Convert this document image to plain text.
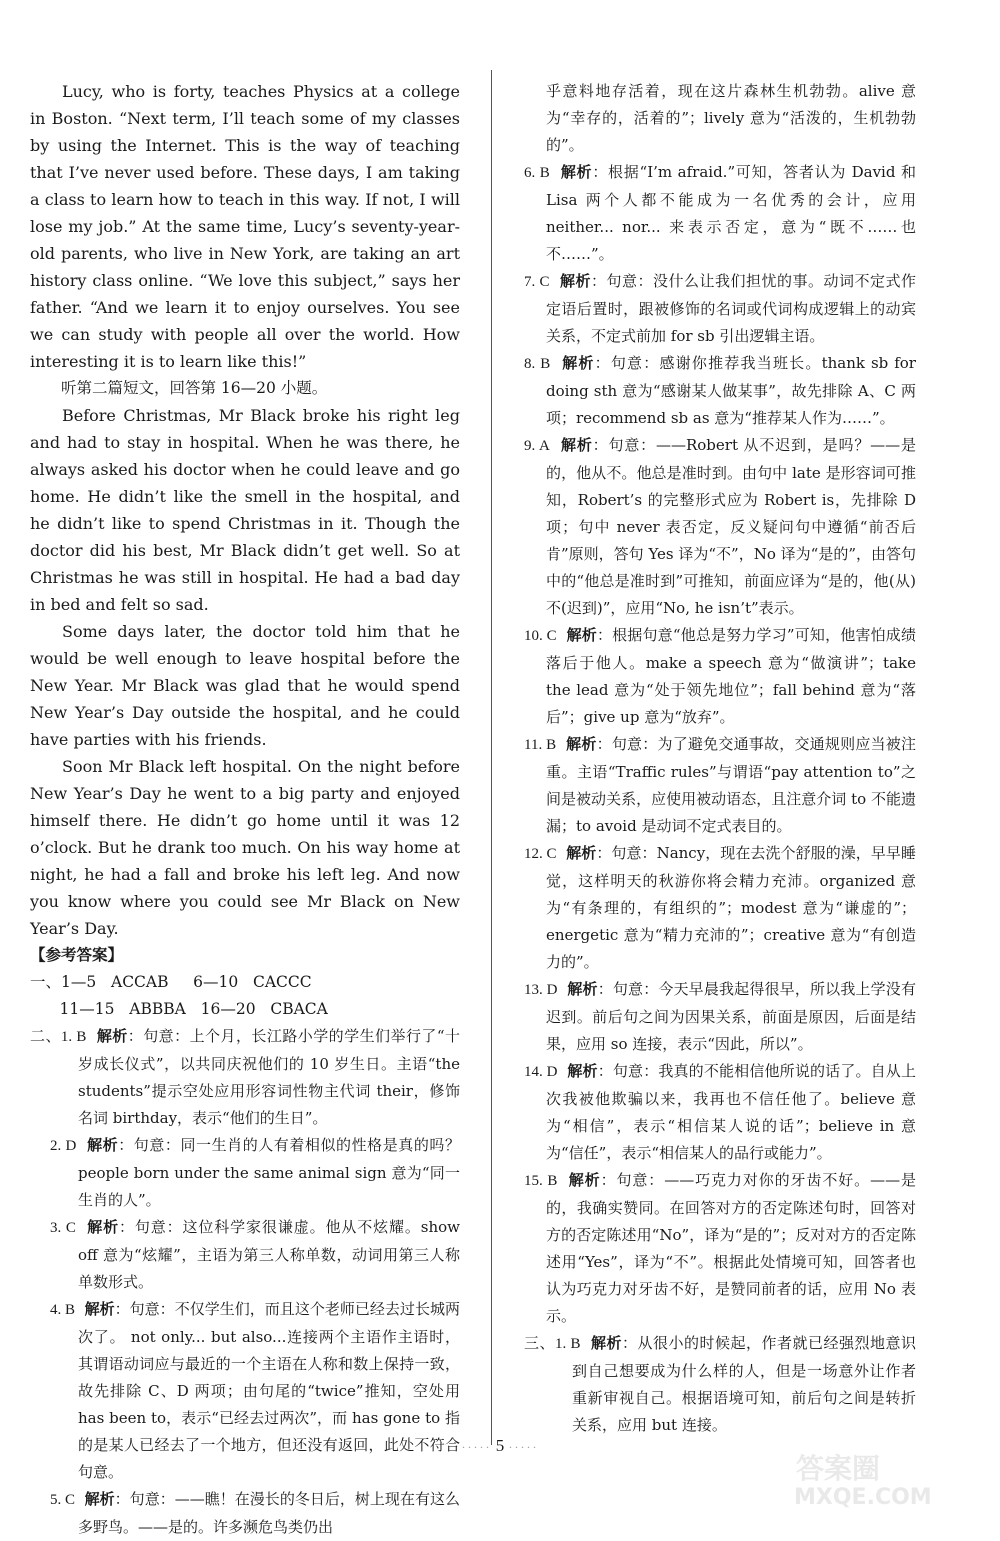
Lucy, who is forty, teaches Physics at a college in Boston. “Next term, I’ll teach some of my classes by using the Internet. This is the way of teaching that I’ve never used before. These days, I am taking a class to learn how to teach in this way. If not, I will lose my job.” At the same time, Lucy’s seventy-year-old parents, who live in New York, are taking an art history class online. “We love this subject,” says her father. “And we learn it to enjoy ourselves. You see we can study with people all over the world. How interesting it is to learn like this!”

听第二篇短文，回答第 16—20 小题。

Before Christmas, Mr Black broke his right leg and had to stay in hospital. When he was there, he always asked his doctor when he could leave and go home. He didn’t like the smell in the hospital, and he didn’t like to spend Christmas in it. Though the doctor did his best, Mr Black didn’t get well. So at Christmas he was still in hospital. He had a bad day in bed and felt so sad.

Some days later, the doctor told him that he would be well enough to leave hospital before the New Year. Mr Black was glad that he would spend New Year’s Day outside the hospital, and he could have parties with his friends.

Soon Mr Black left hospital. On the night before New Year’s Day he went to a big party and enjoyed himself there. He didn’t go home until it was 12 o’clock. But he drank too much. On his way home at night, he had a fall and broke his left leg. And now you know where you could see Mr Black on New Year’s Day.

【参考答案】

一、1—5   ACCAB     6—10   CACCC

11—15   ABBBA   16—20   CBACA

二、1. B 解析：句意：上个月，长江路小学的学生们举行了“十岁成长仪式”，以共同庆祝他们的 10 岁生日。主语“the students”提示空处应用形容词性物主代词 their，修饰名词 birthday，表示“他们的生日”。

2. D 解析：句意：同一生肖的人有着相似的性格是真的吗？ people born under the same animal sign 意为“同一生肖的人”。

3. C 解析：句意：这位科学家很谦虚。他从不炫耀。show off 意为“炫耀”，主语为第三人称单数，动词用第三人称单数形式。

4. B 解析：句意：不仅学生们，而且这个老师已经去过长城两次了。 not only... but also...连接两个主语作主语时，其谓语动词应与最近的一个主语在人称和数上保持一致，故先排除 C、D 两项；由句尾的“twice”推知，空处用 has been to，表示“已经去过两次”，而 has gone to 指的是某人已经去了一个地方，但还没有返回，此处不符合句意。

5. C 解析：句意：——瞧！在漫长的冬日后，树上现在有这么多野鸟。——是的。许多濒危鸟类仍出

乎意料地存活着，现在这片森林生机勃勃。alive 意为“幸存的，活着的”；lively 意为“活泼的，生机勃勃的”。

6. B 解析：根据“I’m afraid.”可知，答者认为 David 和 Lisa 两个人都不能成为一名优秀的会计，应用 neither... nor... 来表示否定，意为“既不……也不……”。

7. C 解析：句意：没什么让我们担忧的事。动词不定式作定语后置时，跟被修饰的名词或代词构成逻辑上的动宾关系，不定式前加 for sb 引出逻辑主语。

8. B 解析：句意：感谢你推荐我当班长。thank sb for doing sth 意为“感谢某人做某事”，故先排除 A、C 两项；recommend sb as 意为“推荐某人作为……”。

9. A 解析：句意：——Robert 从不迟到，是吗？——是的，他从不。他总是准时到。由句中 late 是形容词可推知，Robert’s 的完整形式应为 Robert is，先排除 D 项；句中 never 表否定，反义疑问句中遵循“前否后肯”原则，答句 Yes 译为“不”，No 译为“是的”，由答句中的“他总是准时到”可推知，前面应译为“是的，他(从)不(迟到)”，应用“No, he isn’t”表示。

10. C 解析：根据句意“他总是努力学习”可知，他害怕成绩落后于他人。make a speech 意为“做演讲”；take the lead 意为“处于领先地位”；fall behind 意为“落后”；give up 意为“放弃”。

11. B 解析：句意：为了避免交通事故，交通规则应当被注重。主语“Traffic rules”与谓语“pay attention to”之间是被动关系，应使用被动语态，且注意介词 to 不能遗漏；to avoid 是动词不定式表目的。

12. C 解析：句意：Nancy，现在去洗个舒服的澡，早早睡觉，这样明天的秋游你将会精力充沛。organized 意为“有条理的，有组织的”；modest 意为“谦虚的”；energetic 意为“精力充沛的”；creative 意为“有创造力的”。

13. D 解析：句意：今天早晨我起得很早，所以我上学没有迟到。前后句之间为因果关系，前面是原因，后面是结果，应用 so 连接，表示“因此，所以”。

14. D 解析：句意：我真的不能相信他所说的话了。自从上次我被他欺骗以来，我再也不信任他了。believe 意为“相信”，表示“相信某人说的话”；believe in 意为“信任”，表示“相信某人的品行或能力”。

15. B 解析：句意：——巧克力对你的牙齿不好。——是的，我确实赞同。在回答对方的否定陈述句时，回答对方的否定陈述用“No”，译为“是的”；反对对方的否定陈述用“Yes”，译为“不”。根据此处情境可知，回答者也认为巧克力对牙齿不好，是赞同前者的话，应用 No 表示。

三、1. B 解析：从很小的时候起，作者就已经强烈地意识到自己想要成为什么样的人，但是一场意外让作者重新审视自己。根据语境可知，前后句之间是转折关系，应用 but 连接。

····· 5 ·····
答案圈
MXQE.COM
